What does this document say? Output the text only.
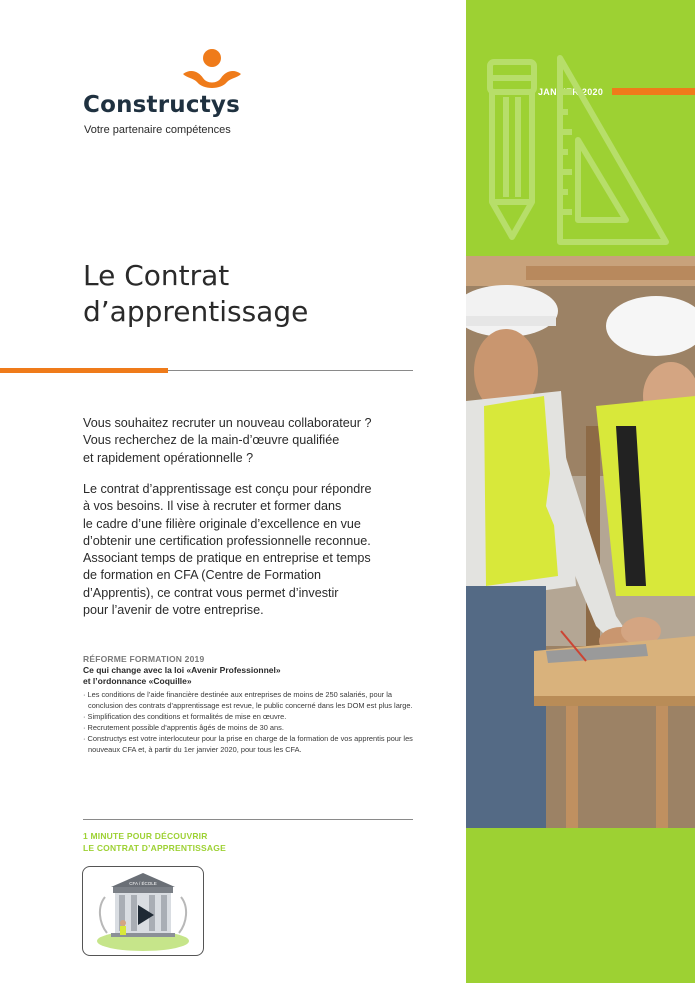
JANVIER 2020
Constructys
Votre partenaire compétences
Le Contrat
d’apprentissage

Vous souhaitez recruter un nouveau collaborateur ?
Vous recherchez de la main-d’œuvre qualifiée
et rapidement opérationnelle ?

Le contrat d’apprentissage est conçu pour répondre
à vos besoins. Il vise à recruter et former dans
le cadre d’une filière originale d’excellence en vue
d’obtenir une certification professionnelle reconnue.
Associant temps de pratique en entreprise et temps
de formation en CFA (Centre de Formation
d’Apprentis), ce contrat vous permet d’investir
pour l’avenir de votre entreprise.

RÉFORME FORMATION 2019
Ce qui change avec la loi «Avenir Professionnel»
et l’ordonnance «Coquille»
· Les conditions de l’aide financière destinée aux entreprises de moins de 250 salariés, pour la conclusion des contrats d’apprentissage est revue, le public concerné dans les DOM est plus large.
· Simplification des conditions et formalités de mise en œuvre.
· Recrutement possible d’apprentis âgés de moins de 30 ans.
· Constructys est votre interlocuteur pour la prise en charge de la formation de vos apprentis pour les nouveaux CFA et, à partir du 1er janvier 2020, pour tous les CFA.
1 MINUTE POUR DÉCOUVRIR
LE CONTRAT D’APPRENTISSAGE
CFA / ÉCOLE
